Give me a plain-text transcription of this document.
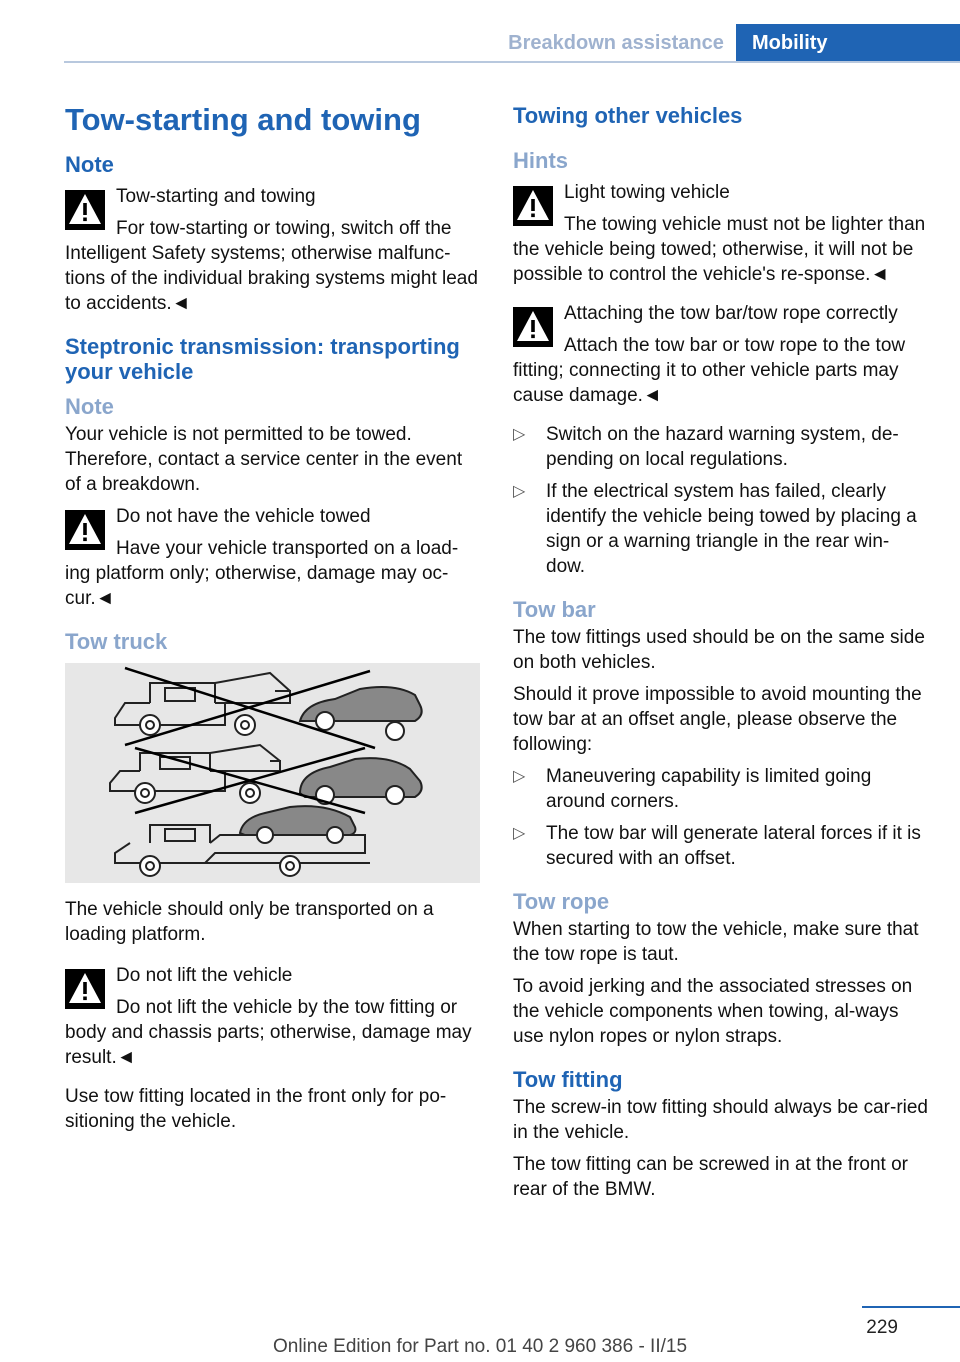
Breakdown assistance	Mobility
Tow-starting and towing
Note
Tow-starting and towing
For tow-starting or towing, switch off the Intelligent Safety systems; otherwise malfunc-tions of the individual braking systems might lead to accidents.◄
Steptronic transmission: transporting your vehicle
Note
Your vehicle is not permitted to be towed. Therefore, contact a service center in the event of a breakdown.
Do not have the vehicle towed
Have your vehicle transported on a load-ing platform only; otherwise, damage may oc-cur.◄
Tow truck
The vehicle should only be transported on a loading platform.
Do not lift the vehicle
Do not lift the vehicle by the tow fitting or body and chassis parts; otherwise, damage may result.◄
Use tow fitting located in the front only for po-sitioning the vehicle.
Towing other vehicles
Hints
Light towing vehicle
The towing vehicle must not be lighter than the vehicle being towed; otherwise, it will not be possible to control the vehicle's re-sponse.◄
Attaching the tow bar/tow rope correctly
Attach the tow bar or tow rope to the tow fitting; connecting it to other vehicle parts may cause damage.◄
▷ Switch on the hazard warning system, de-pending on local regulations.
▷ If the electrical system has failed, clearly identify the vehicle being towed by placing a sign or a warning triangle in the rear win-dow.
Tow bar
The tow fittings used should be on the same side on both vehicles.
Should it prove impossible to avoid mounting the tow bar at an offset angle, please observe the following:
▷ Maneuvering capability is limited going around corners.
▷ The tow bar will generate lateral forces if it is secured with an offset.
Tow rope
When starting to tow the vehicle, make sure that the tow rope is taut.
To avoid jerking and the associated stresses on the vehicle components when towing, al-ways use nylon ropes or nylon straps.
Tow fitting
The screw-in tow fitting should always be car-ried in the vehicle.
The tow fitting can be screwed in at the front or rear of the BMW.
229
Online Edition for Part no. 01 40 2 960 386 - II/15
